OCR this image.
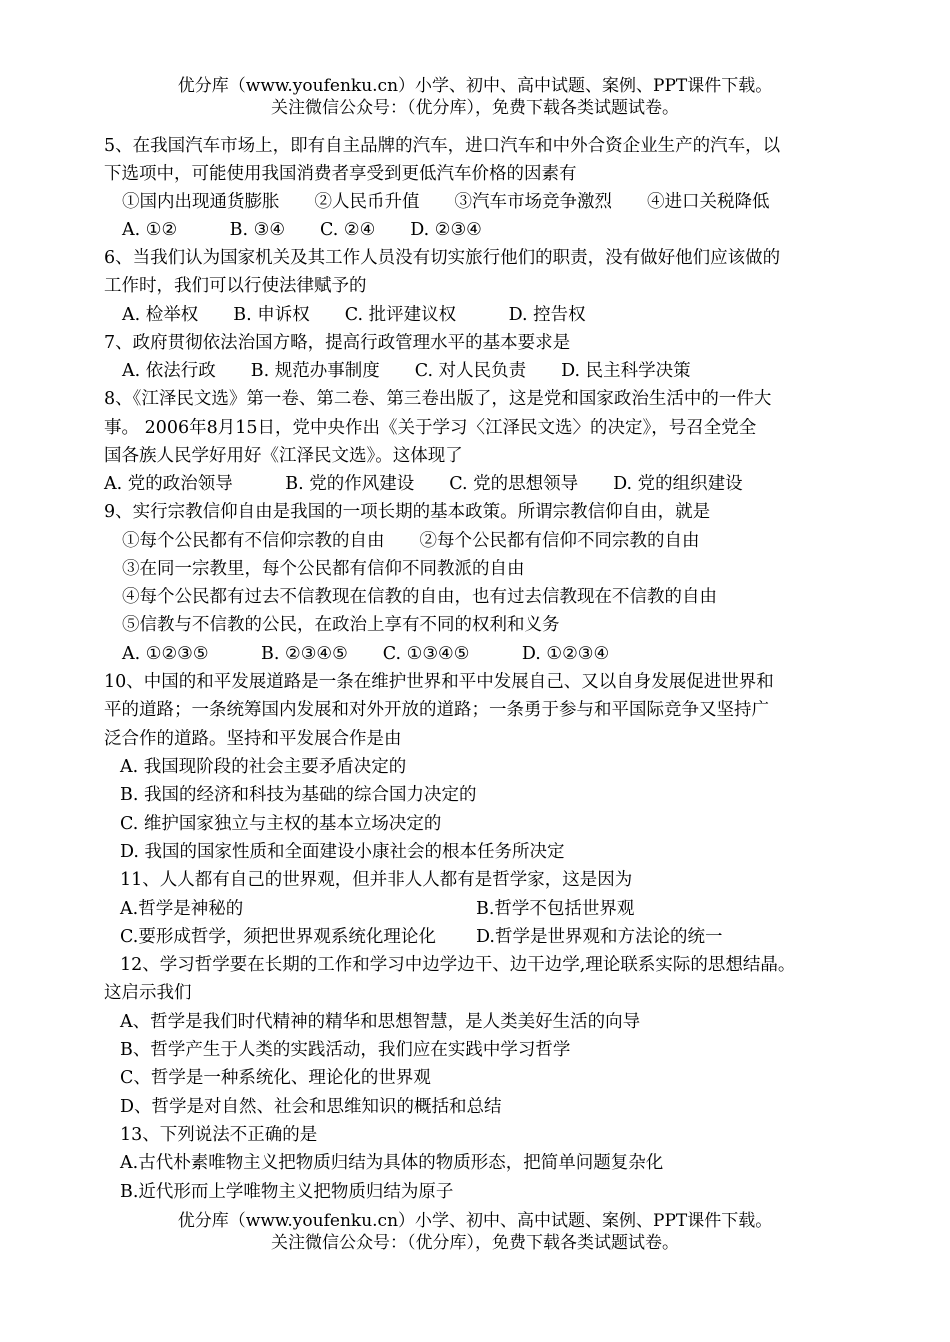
优分库（www.youfenku.cn）小学、初中、高中试题、案例、PPT课件下载。
关注微信公众号：（优分库），免费下载各类试题试卷。
5、在我国汽车市场上，即有自主品牌的汽车，进口汽车和中外合资企业生产的汽车，以
下选项中，可能使用我国消费者享受到更低汽车价格的因素有
①国内出现通货膨胀　　②人民币升值　　③汽车市场竞争激烈　　④进口关税降低
A. ①②　　　B. ③④　　C. ②④　　D. ②③④
6、当我们认为国家机关及其工作人员没有切实旅行他们的职责，没有做好他们应该做的
工作时，我们可以行使法律赋予的
A. 检举权　　B. 申诉权　　C. 批评建议权　　　D. 控告权
7、政府贯彻依法治国方略，提高行政管理水平的基本要求是
A. 依法行政　　B. 规范办事制度　　C. 对人民负责　　D. 民主科学决策
8、《江泽民文选》第一卷、第二卷、第三卷出版了，这是党和国家政治生活中的一件大
事。 2006年8月15日，党中央作出《关于学习〈江泽民文选〉的决定》，号召全党全
国各族人民学好用好《江泽民文选》。这体现了
A. 党的政治领导　　　B. 党的作风建设　　C. 党的思想领导　　D. 党的组织建设
9、实行宗教信仰自由是我国的一项长期的基本政策。所谓宗教信仰自由，就是
①每个公民都有不信仰宗教的自由　　②每个公民都有信仰不同宗教的自由
③在同一宗教里，每个公民都有信仰不同教派的自由
④每个公民都有过去不信教现在信教的自由，也有过去信教现在不信教的自由
⑤信教与不信教的公民，在政治上享有不同的权利和义务
A. ①②③⑤　　　B. ②③④⑤　　C. ①③④⑤　　　D. ①②③④
10、中国的和平发展道路是一条在维护世界和平中发展自己、又以自身发展促进世界和
平的道路；一条统筹国内发展和对外开放的道路；一条勇于参与和平国际竞争又坚持广
泛合作的道路。坚持和平发展合作是由
A. 我国现阶段的社会主要矛盾决定的
B. 我国的经济和科技为基础的综合国力决定的
C. 维护国家独立与主权的基本立场决定的
D. 我国的国家性质和全面建设小康社会的根本任务所决定
11、人人都有自己的世界观，但并非人人都有是哲学家，这是因为
A.哲学是神秘的	B.哲学不包括世界观
C.要形成哲学，须把世界观系统化理论化 D.哲学是世界观和方法论的统一
12、学习哲学要在长期的工作和学习中边学边干、边干边学,理论联系实际的思想结晶。
这启示我们
A、哲学是我们时代精神的精华和思想智慧，是人类美好生活的向导
B、哲学产生于人类的实践活动，我们应在实践中学习哲学
C、哲学是一种系统化、理论化的世界观
D、哲学是对自然、社会和思维知识的概括和总结
13、下列说法不正确的是
A.古代朴素唯物主义把物质归结为具体的物质形态，把简单问题复杂化
B.近代形而上学唯物主义把物质归结为原子
优分库（www.youfenku.cn）小学、初中、高中试题、案例、PPT课件下载。
关注微信公众号：（优分库），免费下载各类试题试卷。
